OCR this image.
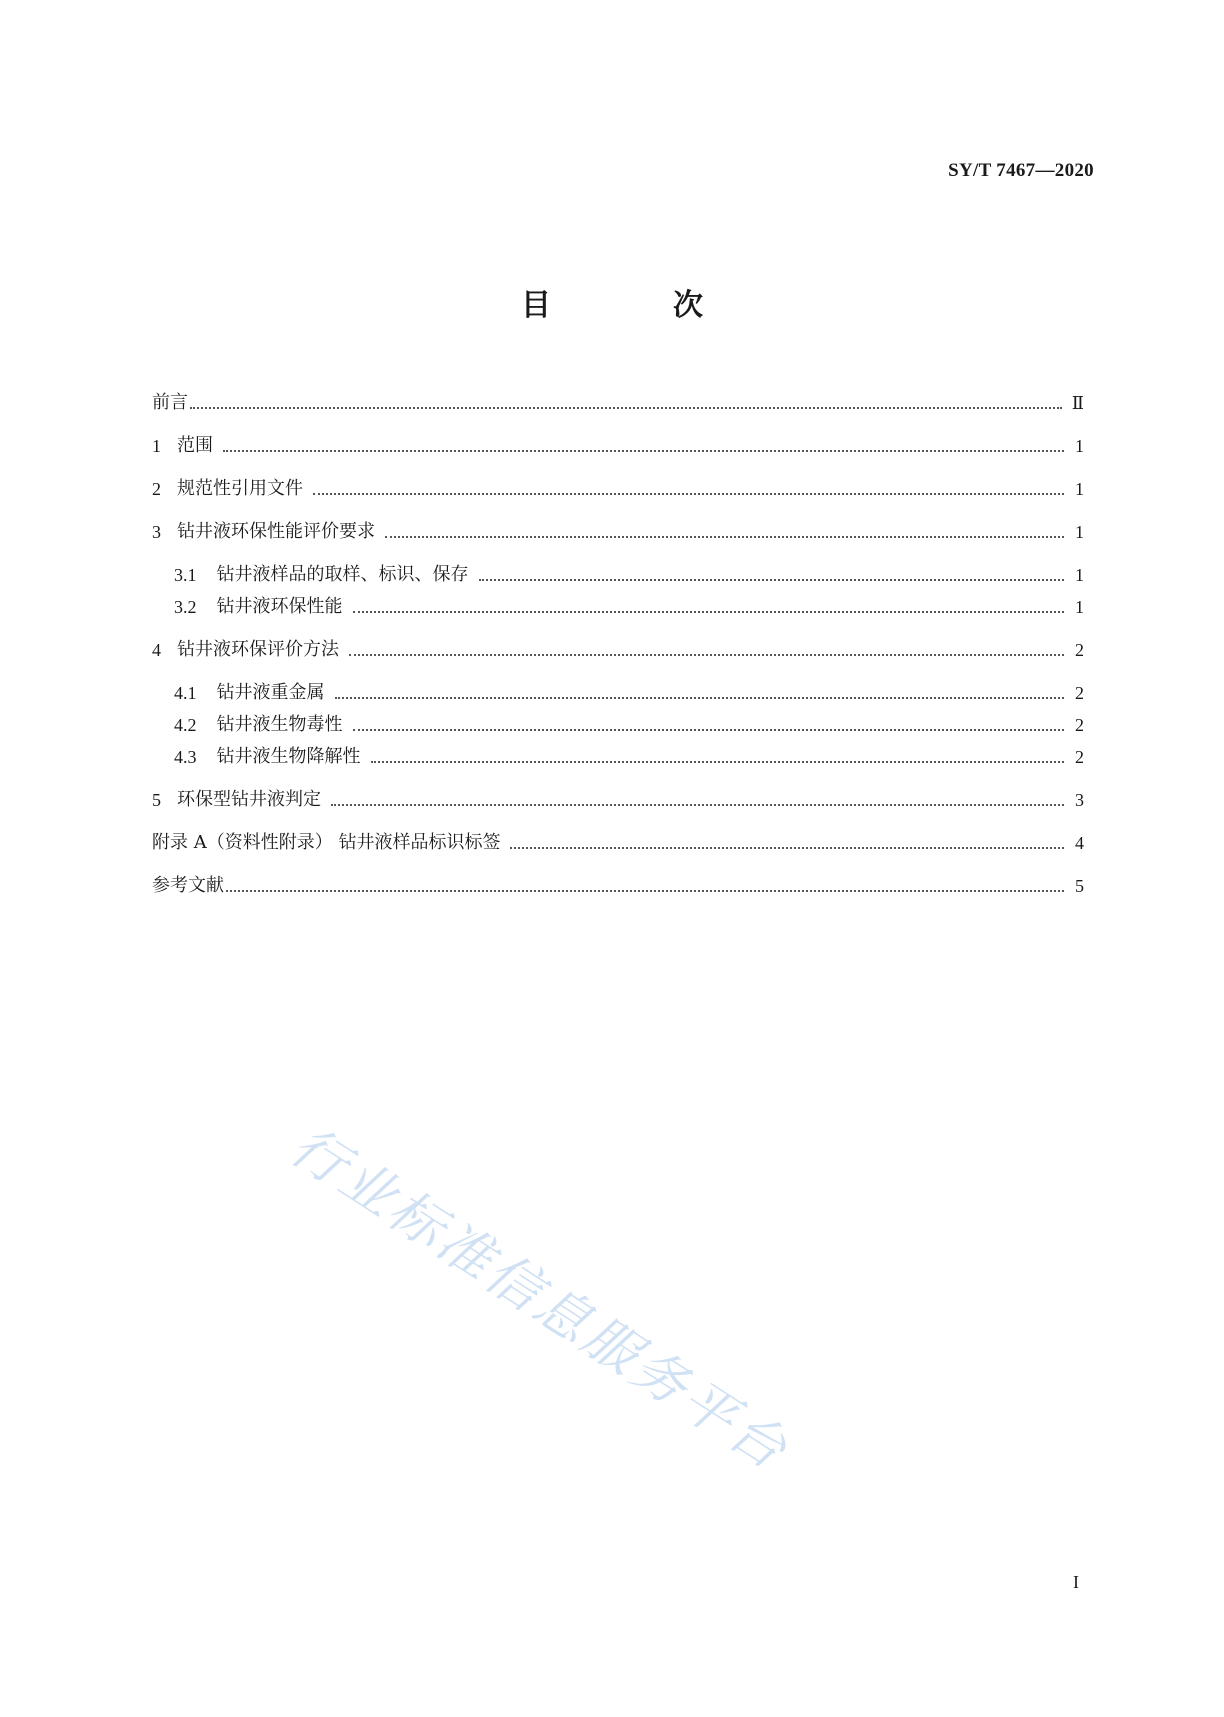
SY/T 7467—2020
目　次
前言	Ⅱ
1 范围	1
2 规范性引用文件	1
3 钻井液环保性能评价要求	1
3.1 钻井液样品的取样、标识、保存	1
3.2 钻井液环保性能	1
4 钻井液环保评价方法	2
4.1 钻井液重金属	2
4.2 钻井液生物毒性	2
4.3 钻井液生物降解性	2
5 环保型钻井液判定	3
附录 A（资料性附录） 钻井液样品标识标签	4
参考文献	5
行业标准信息服务平台
I
